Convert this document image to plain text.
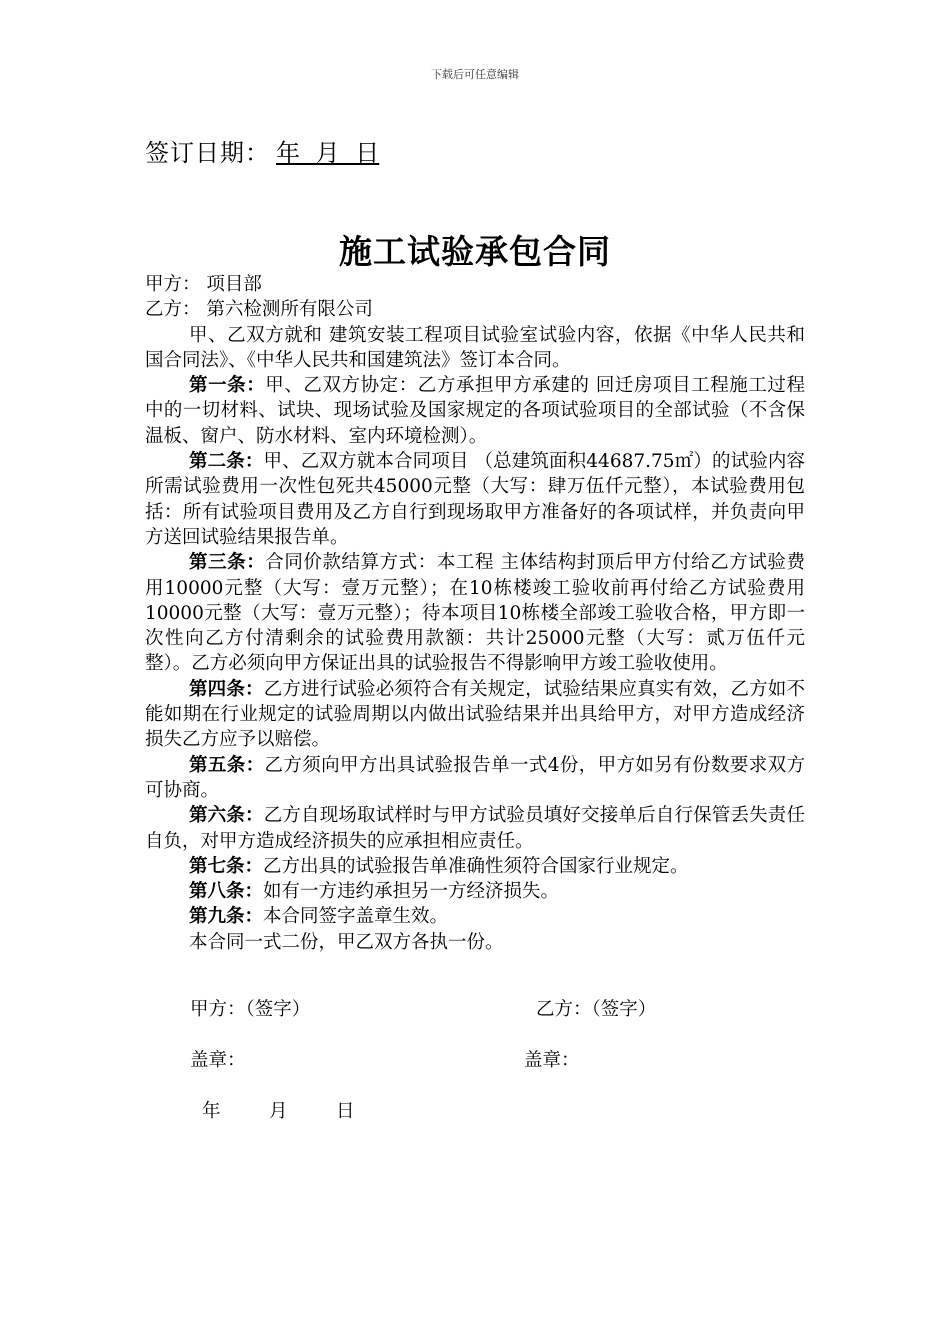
下载后可任意编辑
签订日期： 年 月 日
施工试验承包合同

甲方： 项目部

乙方： 第六检测所有限公司

甲、乙双方就和 建筑安装工程项目试验室试验内容，依据《中华人民共和国合同法》、《中华人民共和国建筑法》签订本合同。

第一条：甲、乙双方协定：乙方承担甲方承建的 回迁房项目工程施工过程中的一切材料、试块、现场试验及国家规定的各项试验项目的全部试验（不含保温板、窗户、防水材料、室内环境检测）。

第二条：甲、乙双方就本合同项目 （总建筑面积44687.75㎡）的试验内容所需试验费用一次性包死共45000元整（大写：肆万伍仟元整），本试验费用包括：所有试验项目费用及乙方自行到现场取甲方准备好的各项试样，并负责向甲方送回试验结果报告单。

第三条：合同价款结算方式：本工程 主体结构封顶后甲方付给乙方试验费用10000元整（大写：壹万元整）；在10栋楼竣工验收前再付给乙方试验费用10000元整（大写：壹万元整）；待本项目10栋楼全部竣工验收合格，甲方即一次性向乙方付清剩余的试验费用款额：共计25000元整（大写：贰万伍仟元整）。乙方必须向甲方保证出具的试验报告不得影响甲方竣工验收使用。

第四条：乙方进行试验必须符合有关规定，试验结果应真实有效，乙方如不能如期在行业规定的试验周期以内做出试验结果并出具给甲方，对甲方造成经济损失乙方应予以赔偿。

第五条：乙方须向甲方出具试验报告单一式4份，甲方如另有份数要求双方可协商。

第六条：乙方自现场取试样时与甲方试验员填好交接单后自行保管丢失责任自负，对甲方造成经济损失的应承担相应责任。

第七条：乙方出具的试验报告单准确性须符合国家行业规定。

第八条：如有一方违约承担另一方经济损失。

第九条：本合同签字盖章生效。

本合同一式二份，甲乙双方各执一份。

甲方：（签字）	乙方：（签字）
盖章：	盖章：
年	月	日
